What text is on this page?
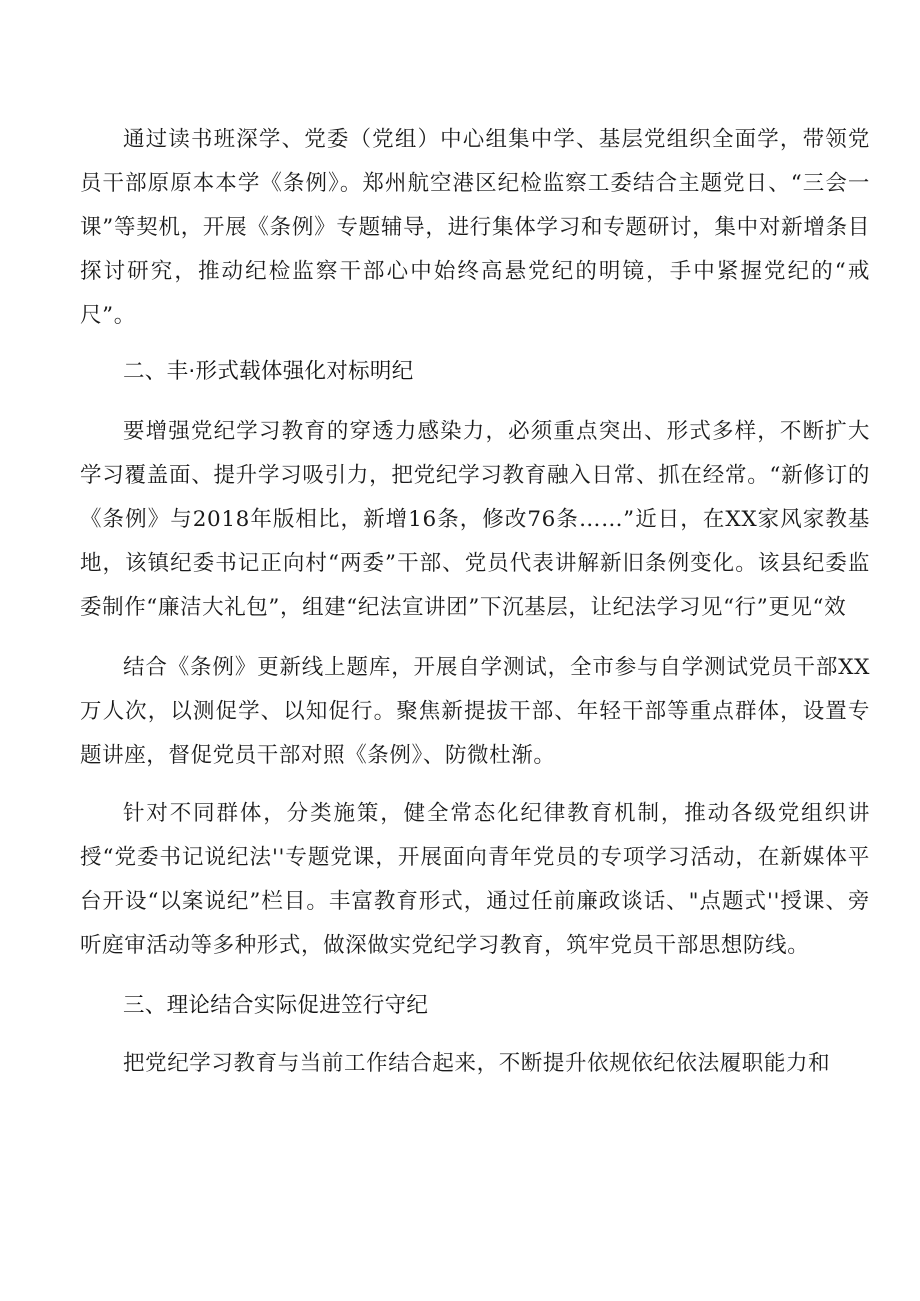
通过读书班深学、党委（党组）中心组集中学、基层党组织全面学，带领党员干部原原本本学《条例》。郑州航空港区纪检监察工委结合主题党日、“三会一课”等契机，开展《条例》专题辅导，进行集体学习和专题研讨，集中对新增条目探讨研究，推动纪检监察干部心中始终高悬党纪的明镜，手中紧握党纪的“戒尺”。

二、丰·形式载体强化对标明纪

要增强党纪学习教育的穿透力感染力，必须重点突出、形式多样，不断扩大学习覆盖面、提升学习吸引力，把党纪学习教育融入日常、抓在经常。“新修订的《条例》与2018年版相比，新增16条，修改76条……”近日，在XX家风家教基地，该镇纪委书记正向村“两委”干部、党员代表讲解新旧条例变化。该县纪委监委制作“廉洁大礼包”，组建“纪法宣讲团”下沉基层，让纪法学习见“行”更见“效

结合《条例》更新线上题库，开展自学测试，全市参与自学测试党员干部XX万人次，以测促学、以知促行。聚焦新提拔干部、年轻干部等重点群体，设置专题讲座，督促党员干部对照《条例》、防微杜渐。

针对不同群体，分类施策，健全常态化纪律教育机制，推动各级党组织讲授“党委书记说纪法''专题党课，开展面向青年党员的专项学习活动，在新媒体平台开设“以案说纪”栏目。丰富教育形式，通过任前廉政谈话、"点题式''授课、旁听庭审活动等多种形式，做深做实党纪学习教育，筑牢党员干部思想防线。

三、理论结合实际促进笠行守纪

把党纪学习教育与当前工作结合起来，不断提升依规依纪依法履职能力和
